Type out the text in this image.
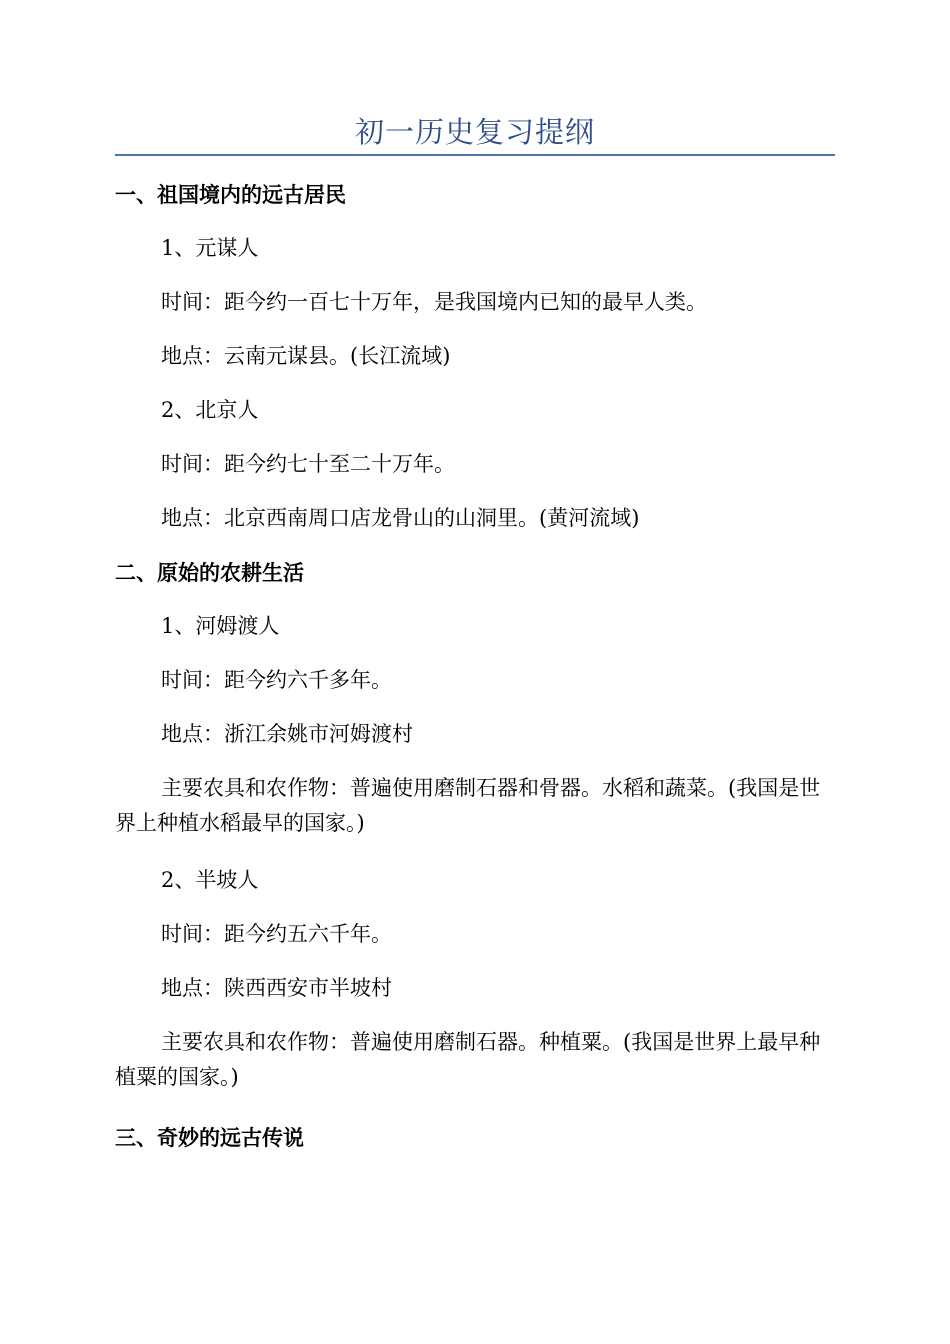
初一历史复习提纲
一、祖国境内的远古居民
1、元谋人
时间：距今约一百七十万年，是我国境内已知的最早人类。
地点：云南元谋县。(长江流域)
2、北京人
时间：距今约七十至二十万年。
地点：北京西南周口店龙骨山的山洞里。(黄河流域)
二、原始的农耕生活
1、河姆渡人
时间：距今约六千多年。
地点：浙江余姚市河姆渡村
主要农具和农作物：普遍使用磨制石器和骨器。水稻和蔬菜。(我国是世界上种植水稻最早的国家。)
2、半坡人
时间：距今约五六千年。
地点：陕西西安市半坡村
主要农具和农作物：普遍使用磨制石器。种植粟。(我国是世界上最早种植粟的国家。)
三、奇妙的远古传说
